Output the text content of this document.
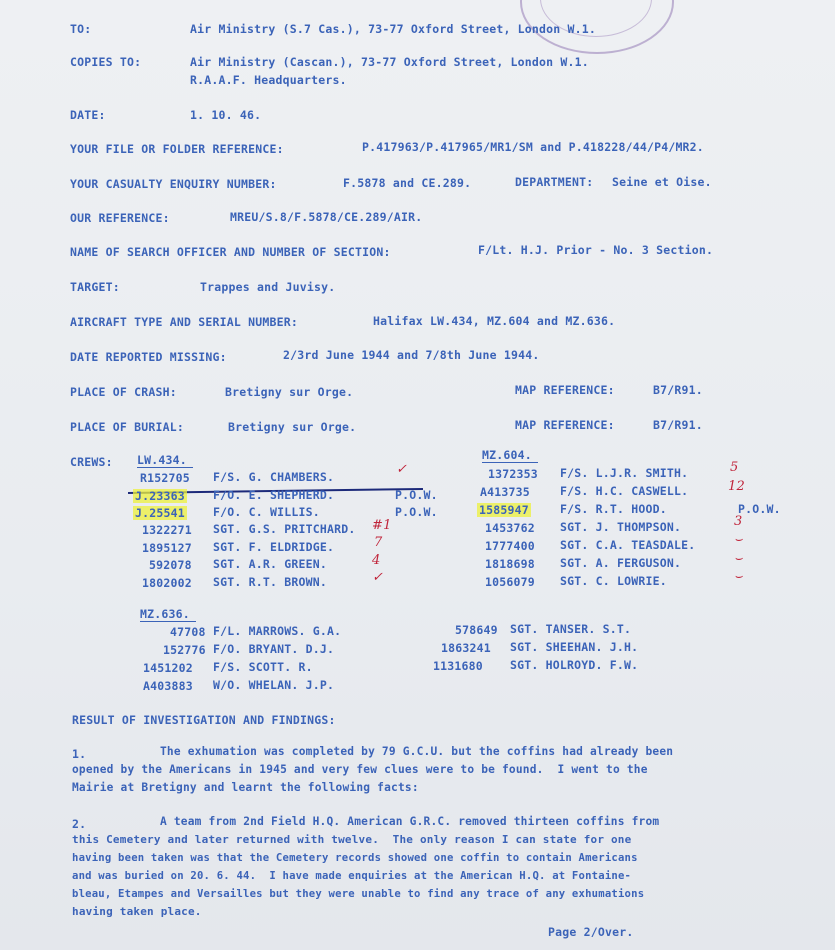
TO:	Air Ministry (S.7 Cas.), 73-77 Oxford Street, London W.1.
COPIES TO:	Air Ministry (Cascan.), 73-77 Oxford Street, London W.1.
R.A.A.F. Headquarters.
DATE:	1. 10. 46.
YOUR FILE OR FOLDER REFERENCE:	P.417963/P.417965/MR1/SM and P.418228/44/P4/MR2.
YOUR CASUALTY ENQUIRY NUMBER:	F.5878 and CE.289.	DEPARTMENT: Seine et Oise.
OUR REFERENCE:	MREU/S.8/F.5878/CE.289/AIR.
NAME OF SEARCH OFFICER AND NUMBER OF SECTION:	F/Lt. H.J. Prior - No. 3 Section.
TARGET:	Trappes and Juvisy.
AIRCRAFT TYPE AND SERIAL NUMBER:	Halifax LW.434, MZ.604 and MZ.636.
DATE REPORTED MISSING:	2/3rd June 1944 and 7/8th June 1944.
PLACE OF CRASH:	Bretigny sur Orge.	MAP REFERENCE:	B7/R91.
PLACE OF BURIAL:	Bretigny sur Orge.	MAP REFERENCE:	B7/R91.
CREWS: LW.434.
R152705 F/S. G. CHAMBERS.	✓
J.23363 F/O. E. SHEPHERD.	P.O.W.
J.25541 F/O. C. WILLIS.	P.O.W.
1322271 SGT. G.S. PRITCHARD. #1
1895127 SGT. F. ELDRIDGE.	7
592078 SGT. A.R. GREEN.	4
1802002 SGT. R.T. BROWN.	✓
MZ.604.
1372353 F/S. L.J.R. SMITH.	5
A413735	F/S. H.C. CASWELL.	12
1585947	F/S. R.T. HOOD.	P.O.W.
1453762 SGT. J. THOMPSON.	3
1777400 SGT. C.A. TEASDALE.	⌣
1818698 SGT. A. FERGUSON.	⌣
1056079 SGT. C. LOWRIE.	⌣
MZ.636.
47708 F/L. MARROWS. G.A.
152776 F/O. BRYANT. D.J.
1451202 F/S. SCOTT. R.
A403883 W/O. WHELAN. J.P.
578649 SGT. TANSER. S.T.
1863241 SGT. SHEEHAN. J.H.
1131680 SGT. HOLROYD. F.W.
RESULT OF INVESTIGATION AND FINDINGS:
1.	The exhumation was completed by 79 G.C.U. but the coffins had already been
opened by the Americans in 1945 and very few clues were to be found.  I went to the
Mairie at Bretigny and learnt the following facts:
2.	A team from 2nd Field H.Q. American G.R.C. removed thirteen coffins from
this Cemetery and later returned with twelve.  The only reason I can state for one
having been taken was that the Cemetery records showed one coffin to contain Americans
and was buried on 20. 6. 44.  I have made enquiries at the American H.Q. at Fontaine-
bleau, Etampes and Versailles but they were unable to find any trace of any exhumations
having taken place.
Page 2/Over.
